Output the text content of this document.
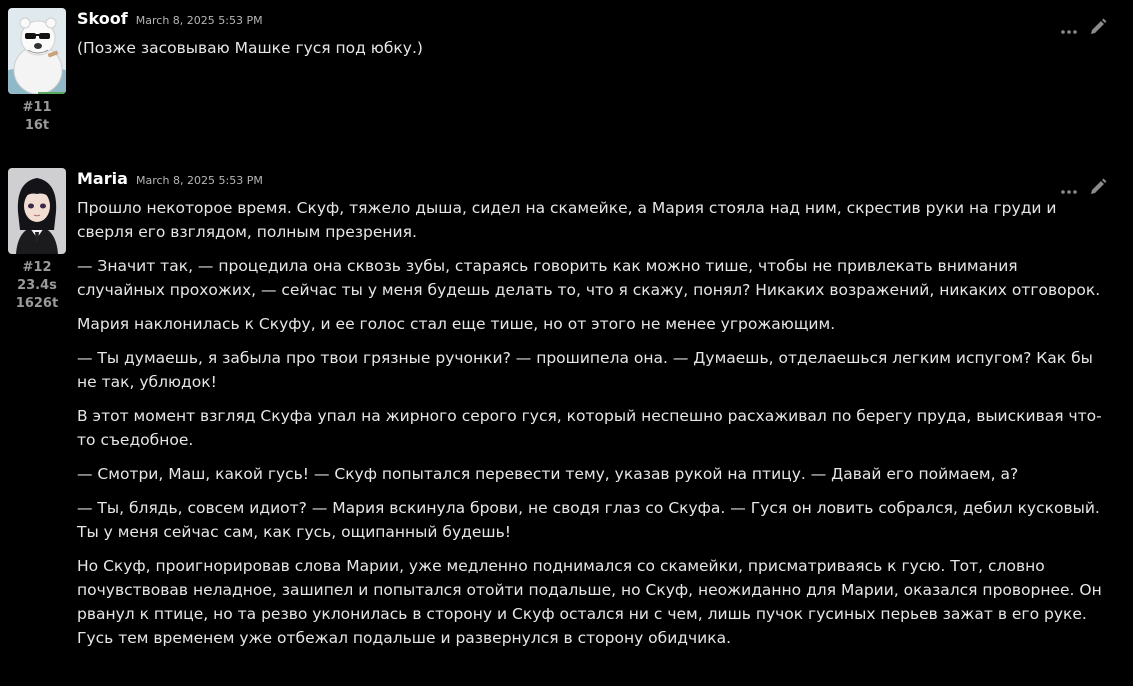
#11
16t
Skoof March 8, 2025 5:53 PM

(Позже засовываю Машке гуся под юбку.)

#12
23.4s
1626t
Maria March 8, 2025 5:53 PM

Прошло некоторое время. Скуф, тяжело дыша, сидел на скамейке, а Мария стояла над ним, скрестив руки на груди и сверля его взглядом, полным презрения.

— Значит так, — процедила она сквозь зубы, стараясь говорить как можно тише, чтобы не привлекать внимания случайных прохожих, — сейчас ты у меня будешь делать то, что я скажу, понял? Никаких возражений, никаких отговорок.

Мария наклонилась к Скуфу, и ее голос стал еще тише, но от этого не менее угрожающим.

— Ты думаешь, я забыла про твои грязные ручонки? — прошипела она. — Думаешь, отделаешься легким испугом? Как бы не так, ублюдок!

В этот момент взгляд Скуфа упал на жирного серого гуся, который неспешно расхаживал по берегу пруда, выискивая что-то съедобное.

— Смотри, Маш, какой гусь! — Скуф попытался перевести тему, указав рукой на птицу. — Давай его поймаем, а?

— Ты, блядь, совсем идиот? — Мария вскинула брови, не сводя глаз со Скуфа. — Гуся он ловить собрался, дебил кусковый. Ты у меня сейчас сам, как гусь, ощипанный будешь!

Но Скуф, проигнорировав слова Марии, уже медленно поднимался со скамейки, присматриваясь к гусю. Тот, словно почувствовав неладное, зашипел и попытался отойти подальше, но Скуф, неожиданно для Марии, оказался проворнее. Он рванул к птице, но та резво уклонилась в сторону и Скуф остался ни с чем, лишь пучок гусиных перьев зажат в его руке. Гусь тем временем уже отбежал подальше и развернулся в сторону обидчика.
